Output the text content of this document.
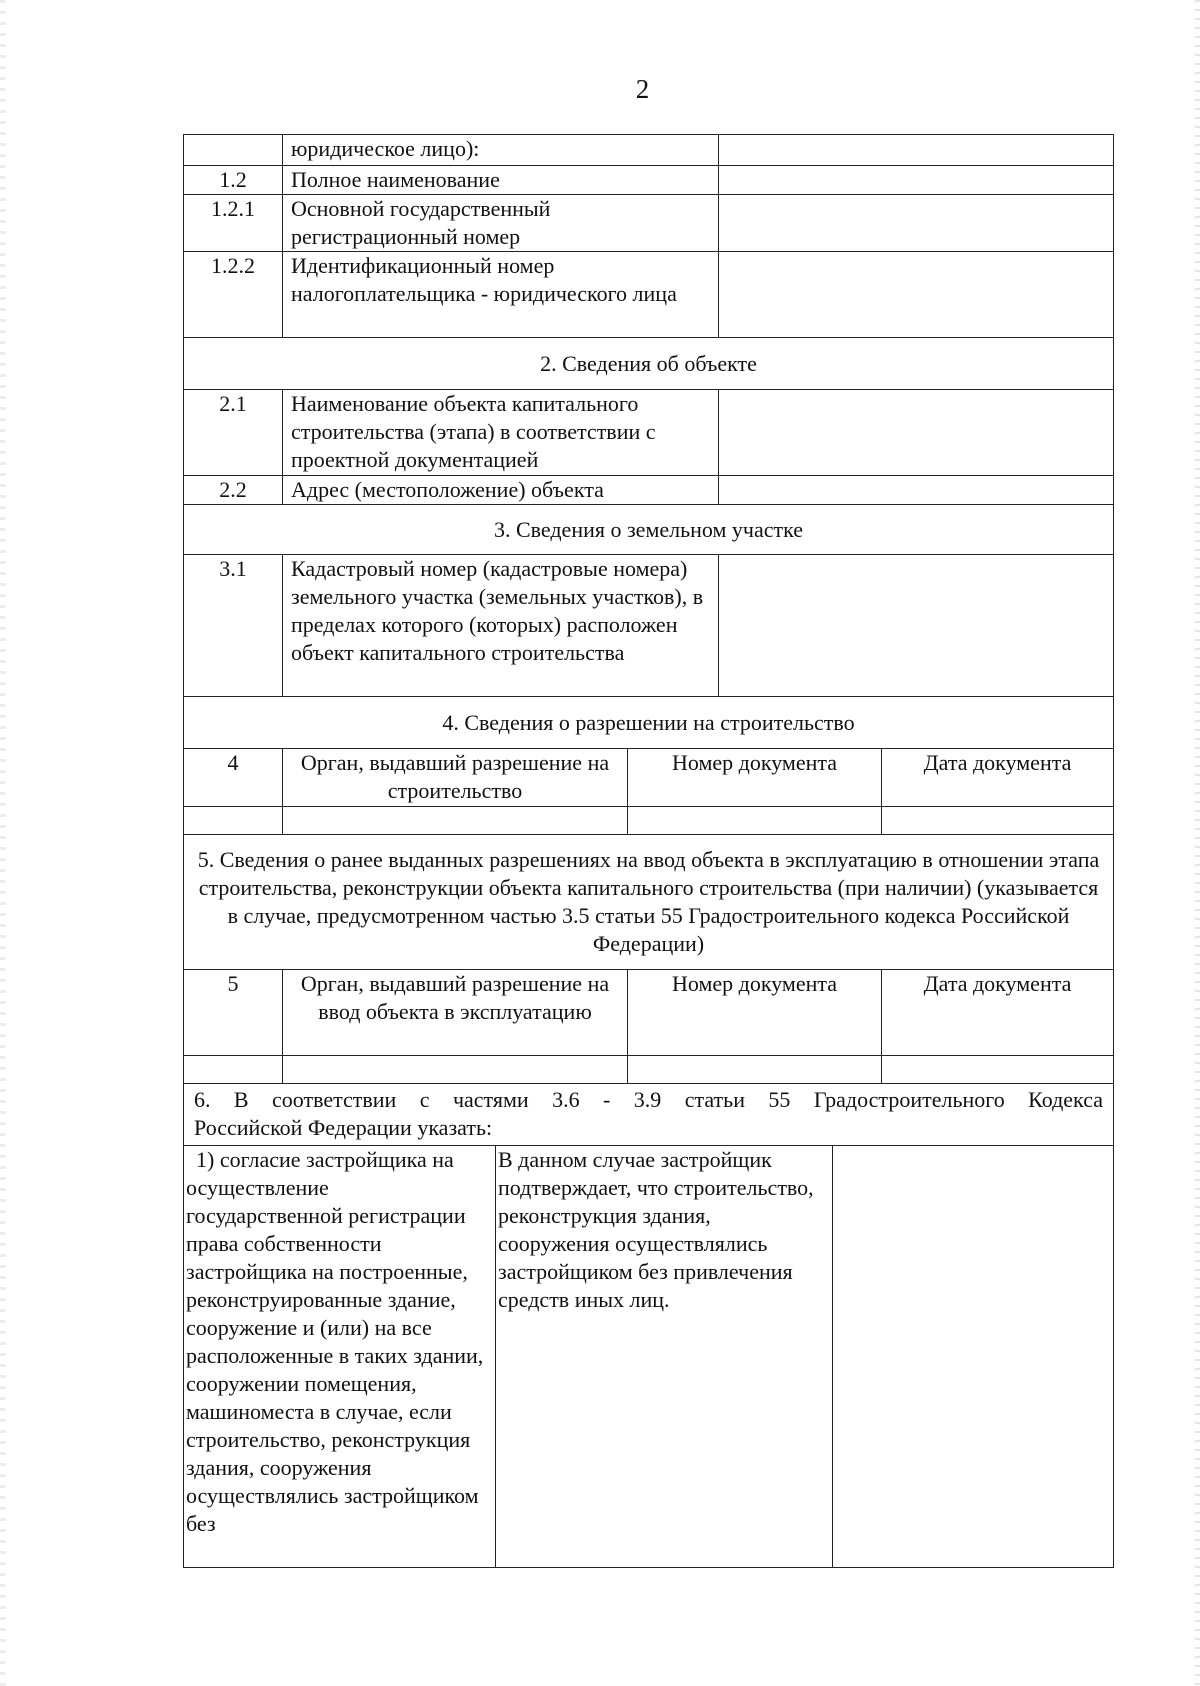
2
	юридическое лицо):	
1.2	Полное наименование	
1.2.1	Основной государственный регистрационный номер	
1.2.2	Идентификационный номер налогоплательщика - юридического лица	
2. Сведения об объекте		
2.1	Наименование объекта капитального строительства (этапа) в соответствии с проектной документацией	
2.2	Адрес (местоположение) объекта	
3. Сведения о земельном участке		
3.1	Кадастровый номер (кадастровые номера) земельного участка (земельных участков), в пределах которого (которых) расположен объект капитального строительства	
4. Сведения о разрешении на строительство		
4	Орган, выдавший разрешение на строительство	Номер документа	Дата документа

5. Сведения о ранее выданных разрешениях на ввод объекта в эксплуатацию в отношении этапа строительства, реконструкции объекта капитального строительства (при наличии) (указывается в случае, предусмотренном частью 3.5 статьи 55 Градостроительного кодекса Российской Федерации)			
5	Орган, выдавший разрешение на ввод объекта в эксплуатацию	Номер документа	Дата документа

6. В соответствии с частями 3.6 - 3.9 статьи 55 Градостроительного Кодекса
Российской Федерации указать:
1) согласие застройщика на осуществление государственной регистрации права собственности застройщика на построенные, реконструированные здание, сооружение и (или) на все расположенные в таких здании, сооружении помещения, машиноместа в случае, если строительство, реконструкция здания, сооружения осуществлялись застройщиком без	В данном случае застройщик подтверждает, что строительство, реконструкция здания, сооружения осуществлялись застройщиком без привлечения средств иных лиц.	
